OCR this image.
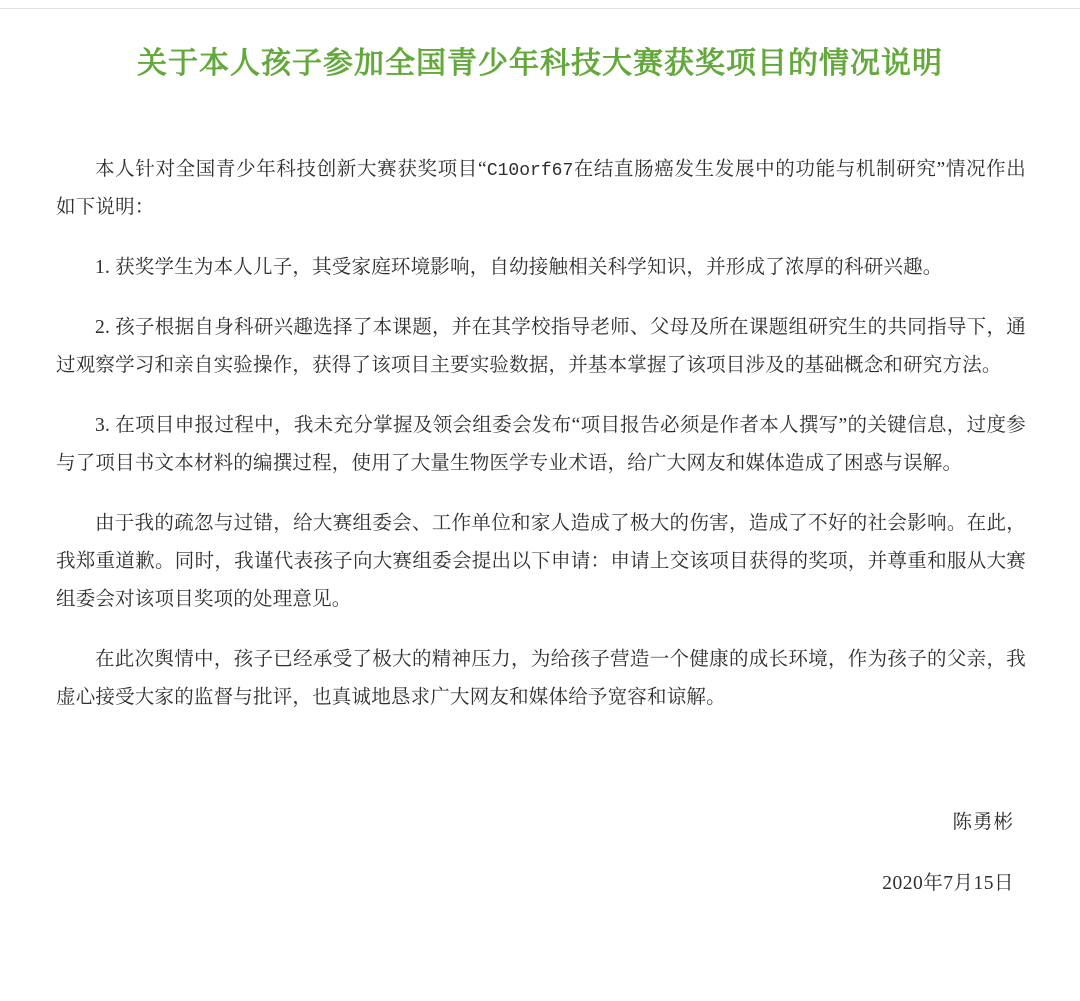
关于本人孩子参加全国青少年科技大赛获奖项目的情况说明

本人针对全国青少年科技创新大赛获奖项目“C10orf67在结直肠癌发生发展中的功能与机制研究”情况作出如下说明：

1. 获奖学生为本人儿子，其受家庭环境影响，自幼接触相关科学知识，并形成了浓厚的科研兴趣。

2. 孩子根据自身科研兴趣选择了本课题，并在其学校指导老师、父母及所在课题组研究生的共同指导下，通过观察学习和亲自实验操作，获得了该项目主要实验数据，并基本掌握了该项目涉及的基础概念和研究方法。

3. 在项目申报过程中，我未充分掌握及领会组委会发布“项目报告必须是作者本人撰写”的关键信息，过度参与了项目书文本材料的编撰过程，使用了大量生物医学专业术语，给广大网友和媒体造成了困惑与误解。

由于我的疏忽与过错，给大赛组委会、工作单位和家人造成了极大的伤害，造成了不好的社会影响。在此，我郑重道歉。同时，我谨代表孩子向大赛组委会提出以下申请：申请上交该项目获得的奖项，并尊重和服从大赛组委会对该项目奖项的处理意见。

在此次舆情中，孩子已经承受了极大的精神压力，为给孩子营造一个健康的成长环境，作为孩子的父亲，我虚心接受大家的监督与批评，也真诚地恳求广大网友和媒体给予宽容和谅解。

陈勇彬
2020年7月15日
